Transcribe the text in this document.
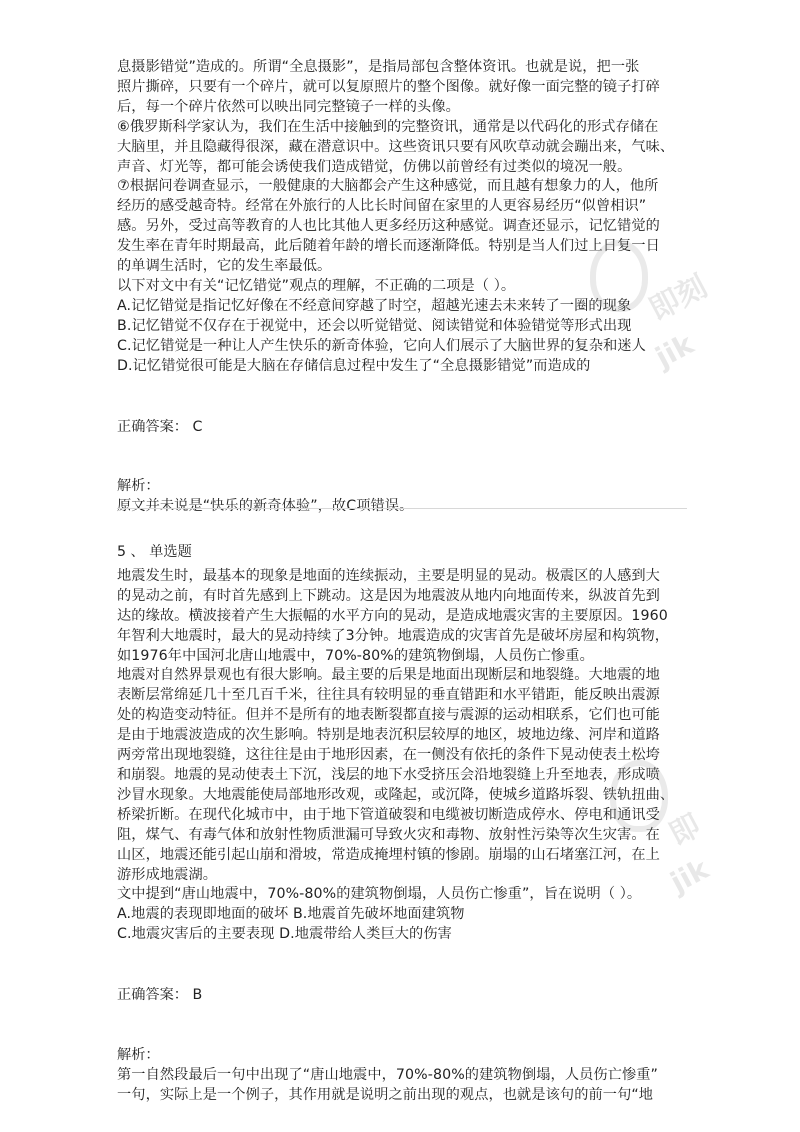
息摄影错觉”造成的。所谓“全息摄影”，是指局部包含整体资讯。也就是说，把一张
照片撕碎，只要有一个碎片，就可以复原照片的整个图像。就好像一面完整的镜子打碎
后，每一个碎片依然可以映出同完整镜子一样的头像。
⑥俄罗斯科学家认为，我们在生活中接触到的完整资讯，通常是以代码化的形式存储在
大脑里，并且隐藏得很深，藏在潜意识中。这些资讯只要有风吹草动就会蹦出来，气味、
声音、灯光等，都可能会诱使我们造成错觉，仿佛以前曾经有过类似的境况一般。
⑦根据问卷调查显示，一般健康的大脑都会产生这种感觉，而且越有想象力的人，他所
经历的感受越奇特。经常在外旅行的人比长时间留在家里的人更容易经历“似曾相识”
感。另外，受过高等教育的人也比其他人更多经历这种感觉。调查还显示，记忆错觉的
发生率在青年时期最高，此后随着年龄的增长而逐渐降低。特别是当人们过上日复一日
的单调生活时，它的发生率最低。
以下对文中有关“记忆错觉”观点的理解，不正确的二项是（ ）。
A.记忆错觉是指记忆好像在不经意间穿越了时空，超越光速去未来转了一圈的现象
B.记忆错觉不仅存在于视觉中，还会以听觉错觉、阅读错觉和体验错觉等形式出现
C.记忆错觉是一种让人产生快乐的新奇体验，它向人们展示了大脑世界的复杂和迷人
D.记忆错觉很可能是大脑在存储信息过程中发生了“全息摄影错觉”而造成的
正确答案： C
解析：
原文并未说是“快乐的新奇体验”，故C项错误。
5 、 单选题
地震发生时，最基本的现象是地面的连续振动，主要是明显的晃动。极震区的人感到大
的晃动之前，有时首先感到上下跳动。这是因为地震波从地内向地面传来，纵波首先到
达的缘故。横波接着产生大振幅的水平方向的晃动，是造成地震灾害的主要原因。1960
年智利大地震时，最大的晃动持续了3分钟。地震造成的灾害首先是破坏房屋和构筑物，
如1976年中国河北唐山地震中，70%-80%的建筑物倒塌，人员伤亡惨重。
地震对自然界景观也有很大影响。最主要的后果是地面出现断层和地裂缝。大地震的地
表断层常绵延几十至几百千米，往往具有较明显的垂直错距和水平错距，能反映出震源
处的构造变动特征。但并不是所有的地表断裂都直接与震源的运动相联系，它们也可能
是由于地震波造成的次生影响。特别是地表沉积层较厚的地区，坡地边缘、河岸和道路
两旁常出现地裂缝，这往往是由于地形因素，在一侧没有依托的条件下晃动使表土松垮
和崩裂。地震的晃动使表土下沉，浅层的地下水受挤压会沿地裂缝上升至地表，形成喷
沙冒水现象。大地震能使局部地形改观，或隆起，或沉降，使城乡道路坼裂、铁轨扭曲、
桥梁折断。在现代化城市中，由于地下管道破裂和电缆被切断造成停水、停电和通讯受
阻，煤气、有毒气体和放射性物质泄漏可导致火灾和毒物、放射性污染等次生灾害。在
山区，地震还能引起山崩和滑坡，常造成掩埋村镇的惨剧。崩塌的山石堵塞江河，在上
游形成地震湖。
文中提到“唐山地震中，70%-80%的建筑物倒塌，人员伤亡惨重”，旨在说明（ ）。
A.地震的表现即地面的破坏 B.地震首先破坏地面建筑物
C.地震灾害后的主要表现 D.地震带给人类巨大的伤害
正确答案： B
解析：
第一自然段最后一句中出现了“唐山地震中，70%-80%的建筑物倒塌，人员伤亡惨重”
一句，实际上是一个例子，其作用就是说明之前出现的观点，也就是该句的前一句“地
即刻
jik
即
jik
